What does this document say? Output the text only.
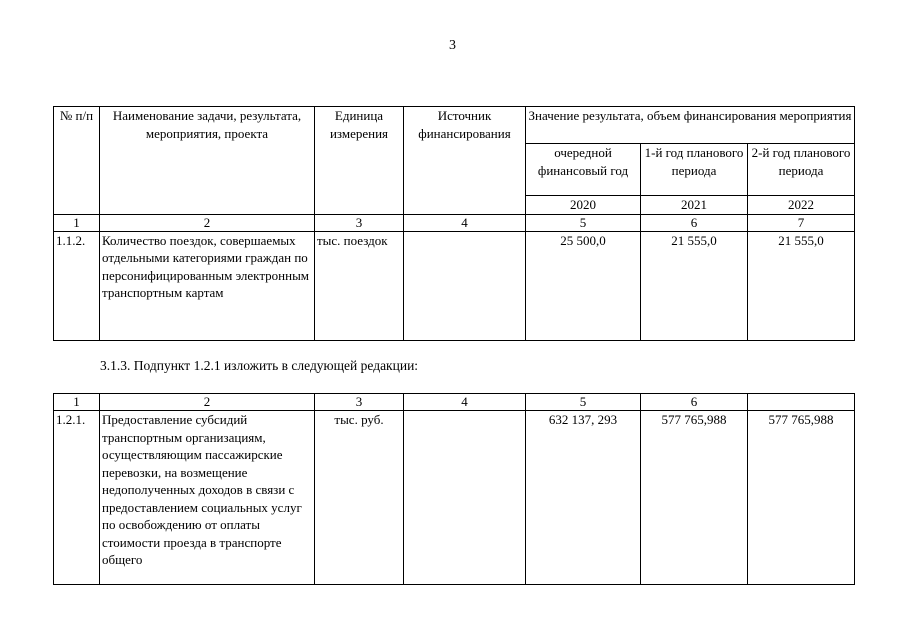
3
№ п/п	Наименование задачи, результата, мероприятия, проекта	Единица измерения	Источник финансирования	Значение результата, объем финансирования мероприятия		
				очередной финансовый год	1-й год планового периода	2-й год планового периода
				2020	2021	2022
1	2	3	4	5	6	7
1.1.2.	Количество поездок, совершаемых отдельными категориями граждан по персонифицированным электронным транспортным картам	тыс. поездок		25 500,0	21 555,0	21 555,0
3.1.3. Подпункт 1.2.1 изложить в следующей редакции:
1	2	3	4	5	6	
1.2.1.	Предоставление субсидий транспортным организациям, осуществляющим пассажирские перевозки, на возмещение недополученных доходов в связи с предоставлением социальных услуг по освобождению от оплаты стоимости проезда в транспорте общего	тыс. руб.		632 137, 293	577 765,988	577 765,988
